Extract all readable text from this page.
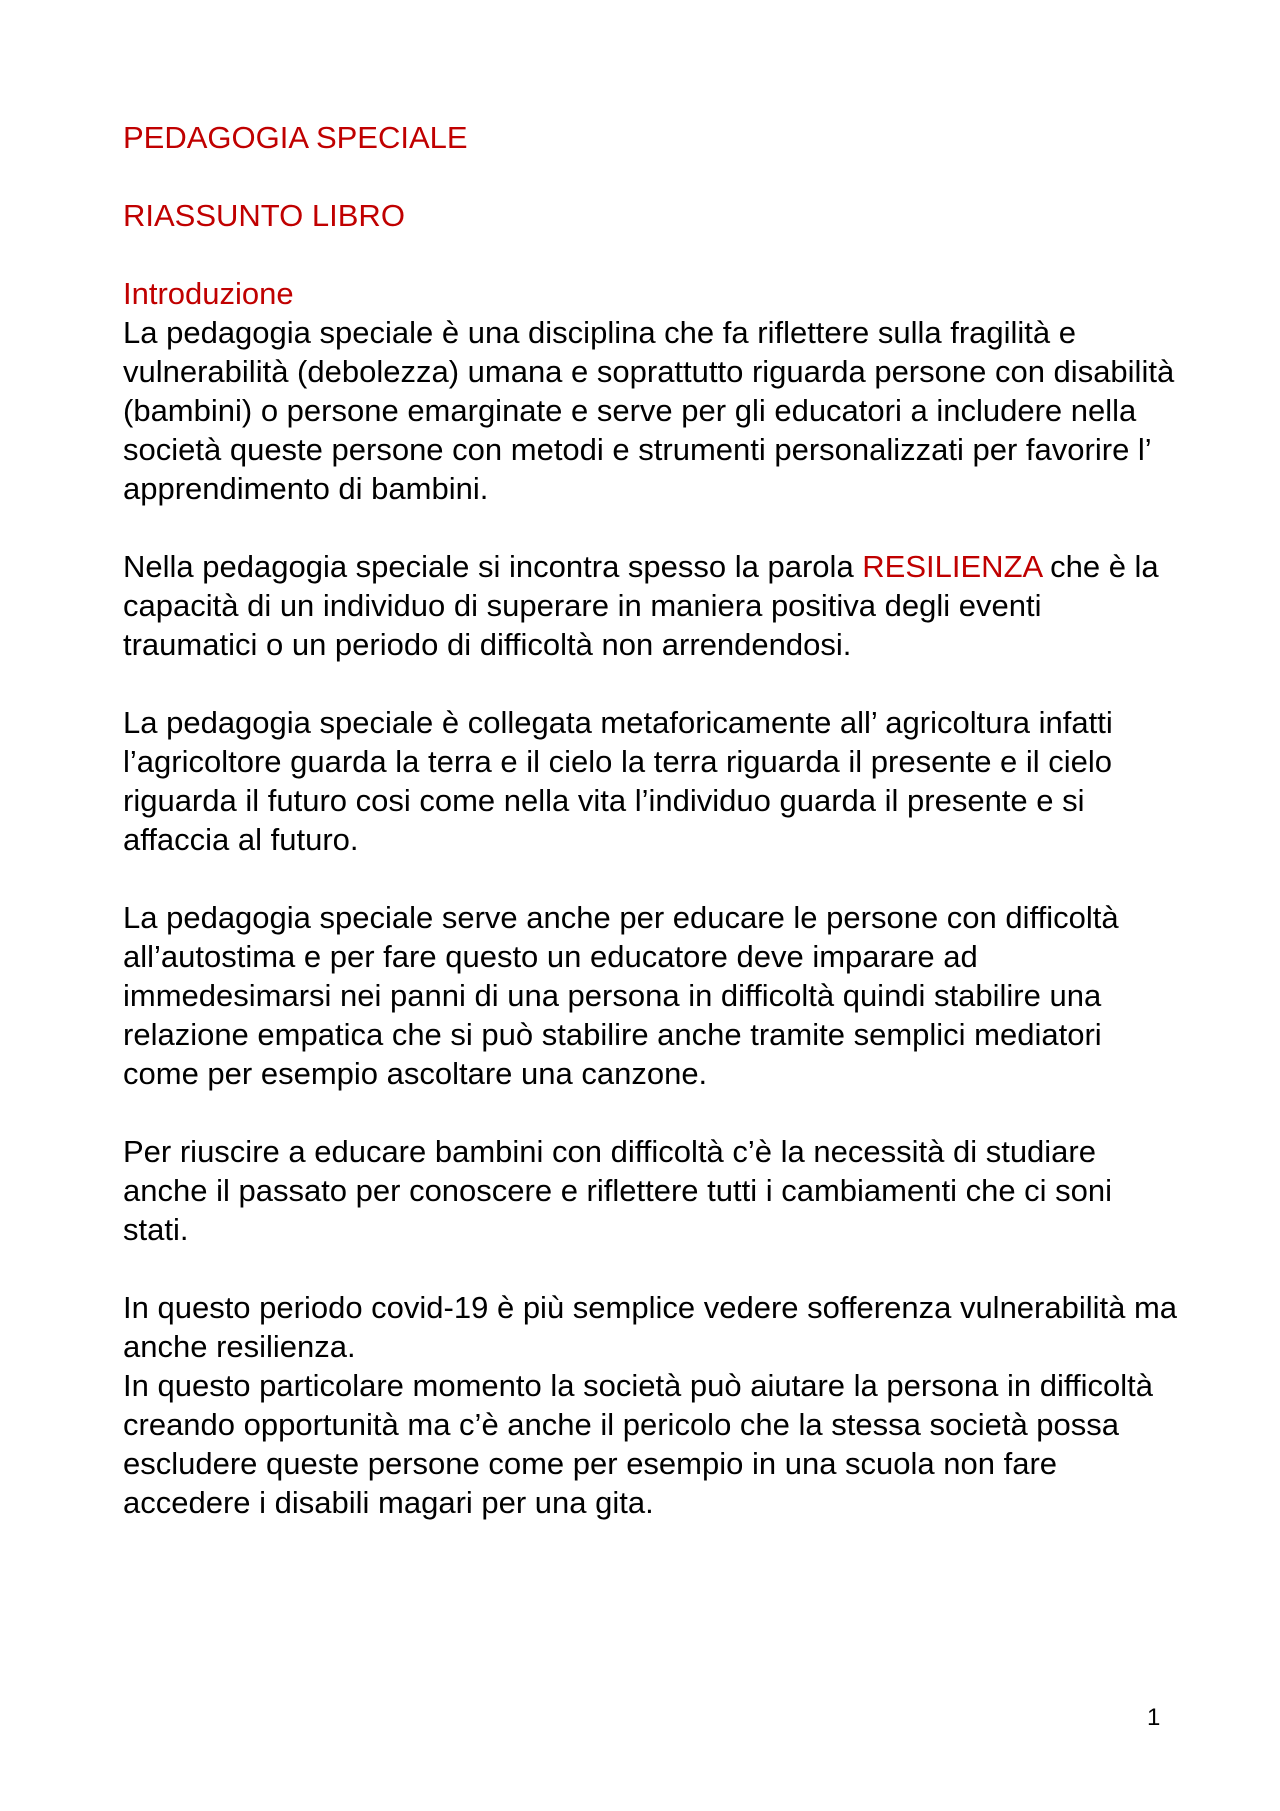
PEDAGOGIA SPECIALE
RIASSUNTO LIBRO
Introduzione

La pedagogia speciale è una disciplina che fa riflettere sulla fragilità e vulnerabilità (debolezza) umana e soprattutto riguarda persone con disabilità (bambini) o persone emarginate e serve per gli educatori a includere nella società queste persone con metodi e strumenti personalizzati per favorire l’ apprendimento di bambini.

Nella pedagogia speciale si incontra spesso la parola RESILIENZA che è la capacità di un individuo di superare in maniera positiva degli eventi traumatici o un periodo di difficoltà non arrendendosi.

La pedagogia speciale è collegata metaforicamente all’ agricoltura infatti l’agricoltore guarda la terra e il cielo la terra riguarda il presente e il cielo riguarda il futuro cosi come nella vita l’individuo guarda il presente e si affaccia al futuro.

La pedagogia speciale serve anche per educare le persone con difficoltà all’autostima e per fare questo un educatore deve imparare ad immedesimarsi nei panni di una persona in difficoltà quindi stabilire una relazione empatica che si può stabilire anche tramite semplici mediatori come per esempio ascoltare una canzone.

Per riuscire a educare bambini con difficoltà c’è la necessità di studiare anche il passato per conoscere e riflettere tutti i cambiamenti che ci soni stati.

In questo periodo covid-19 è più semplice vedere sofferenza vulnerabilità ma anche resilienza.

In questo particolare momento la società può aiutare la persona in difficoltà creando opportunità ma c’è anche il pericolo che la stessa società possa escludere queste persone come per esempio in una scuola non fare accedere i disabili magari per una gita.

1
